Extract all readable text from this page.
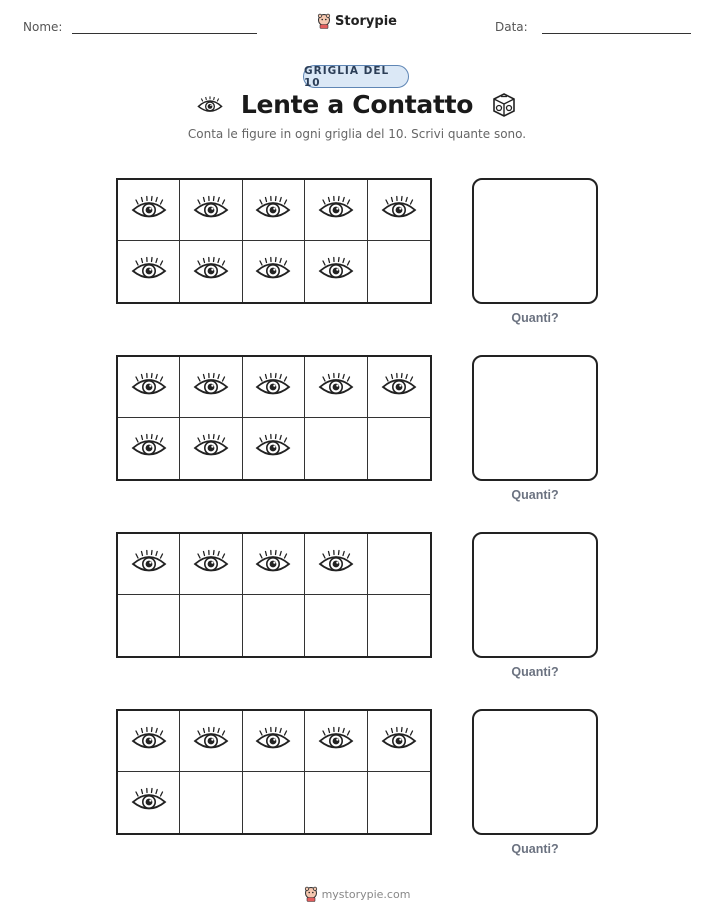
Nome:	Data:
Storypie
GRIGLIA DEL 10
Lente a Contatto
Conta le figure in ogni griglia del 10. Scrivi quante sono.
Quanti?
Quanti?
Quanti?
Quanti?
mystorypie.com
